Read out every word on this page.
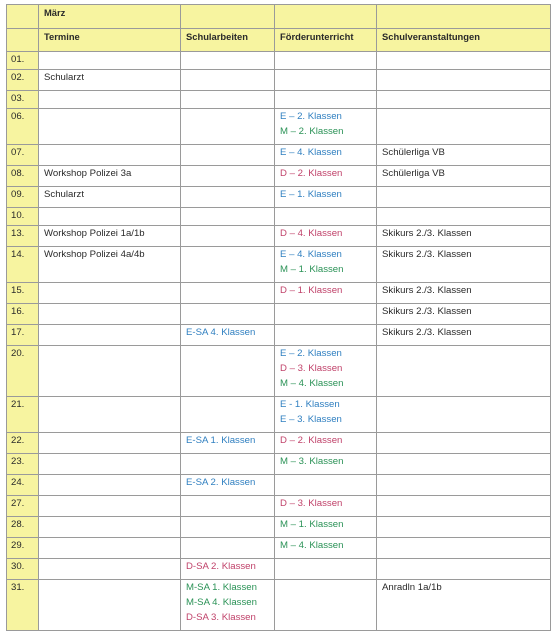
	März			
	Termine	Schularbeiten	Förderunterricht	Schulveranstaltungen
01.				
02.	Schularzt			

03.				
06.			E – 2. Klassen
M – 2. Klassen	

07.			E – 4. Klassen	Schülerliga VB

08.	Workshop Polizei 3a		D – 2. Klassen	Schülerliga VB

09.	Schularzt		E – 1. Klassen	

10.				
13.	Workshop Polizei 1a/1b		D – 4. Klassen	Skikurs 2./3. Klassen

14.	Workshop Polizei 4a/4b		E – 4. Klassen
M – 1. Klassen	Skikurs 2./3. Klassen

15.			D – 1. Klassen	Skikurs 2./3. Klassen

16.				Skikurs 2./3. Klassen

17.		E-SA 4. Klassen		Skikurs 2./3. Klassen

20.			E – 2. Klassen
D – 3. Klassen
M – 4. Klassen	

21.			E - 1. Klassen
E – 3. Klassen	

22.		E-SA 1. Klassen	D – 2. Klassen	

23.			M – 3. Klassen	

24.		E-SA 2. Klassen		

27.			D – 3. Klassen	

28.			M – 1. Klassen	

29.			M – 4. Klassen	

30.		D-SA 2. Klassen		

31.		M-SA 1. Klassen
M-SA 4. Klassen
D-SA 3. Klassen		Anradln 1a/1b
